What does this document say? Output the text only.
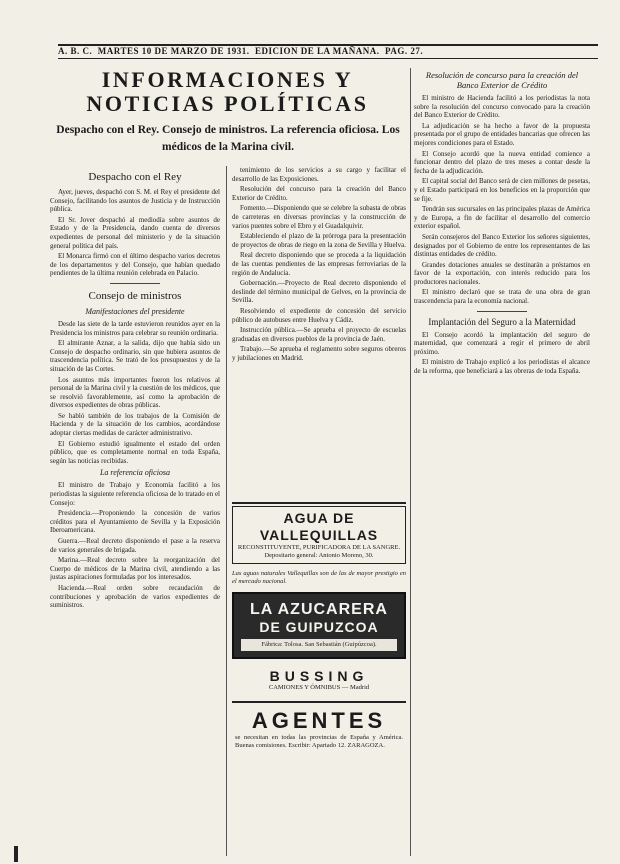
A. B. C. MARTES 10 DE MARZO DE 1931. EDICION DE LA MAÑANA. PAG. 27.
INFORMACIONES Y NOTICIAS POLÍTICAS
Despacho con el Rey. Consejo de ministros. La referencia oficiosa. Los médicos de la Marina civil.
Despacho con el Rey

Ayer, jueves, despachó con S. M. el Rey el presidente del Consejo, facilitando los asuntos de Justicia y de Instrucción pública.

El Sr. Jover despachó al mediodía sobre asuntos de Estado y de la Presidencia, dando cuenta de diversos expedientes de personal del ministerio y de la situación general política del país.

El Monarca firmó con el último despacho varios decretos de los departamentos y del Consejo, que habían quedado pendientes de la última reunión celebrada en Palacio.

Consejo de ministros
Manifestaciones del presidente

Desde las siete de la tarde estuvieron reunidos ayer en la Presidencia los ministros para celebrar su reunión ordinaria.

El almirante Aznar, a la salida, dijo que había sido un Consejo de despacho ordinario, sin que hubiera asuntos de trascendencia política. Se trató de los presupuestos y de la situación de las Cortes.

Los asuntos más importantes fueron los relativos al personal de la Marina civil y la cuestión de los médicos, que se resolvió favorablemente, así como la aprobación de diversos expedientes de obras públicas.

Se habló también de los trabajos de la Comisión de Hacienda y de la situación de los cambios, acordándose adoptar ciertas medidas de carácter administrativo.

El Gobierno estudió igualmente el estado del orden público, que es completamente normal en toda España, según las noticias recibidas.

La referencia oficiosa

El ministro de Trabajo y Economía facilitó a los periodistas la siguiente referencia oficiosa de lo tratado en el Consejo:

Presidencia.—Proponiendo la concesión de varios créditos para el Ayuntamiento de Sevilla y la Exposición Iberoamericana.

Guerra.—Real decreto disponiendo el pase a la reserva de varios generales de brigada.

Marina.—Real decreto sobre la reorganización del Cuerpo de médicos de la Marina civil, atendiendo a las justas aspiraciones formuladas por los interesados.

Hacienda.—Real orden sobre recaudación de contribuciones y aprobación de varios expedientes de suministros.

tenimiento de los servicios a su cargo y facilitar el desarrollo de las Exposiciones.

Resolución del concurso para la creación del Banco Exterior de Crédito.

Fomento.—Disponiendo que se celebre la subasta de obras de carreteras en diversas provincias y la construcción de varios puentes sobre el Ebro y el Guadalquivir.

Estableciendo el plazo de la prórroga para la presentación de proyectos de obras de riego en la zona de Sevilla y Huelva.

Real decreto disponiendo que se proceda a la liquidación de las cuentas pendientes de las empresas ferroviarias de la región de Andalucía.

Gobernación.—Proyecto de Real decreto disponiendo el deslinde del término municipal de Gelves, en la provincia de Sevilla.

Resolviendo el expediente de concesión del servicio público de autobuses entre Huelva y Cádiz.

Instrucción pública.—Se aprueba el proyecto de escuelas graduadas en diversos pueblos de la provincia de Jaén.

Trabajo.—Se aprueba el reglamento sobre seguros obreros y jubilaciones en Madrid.

AGUA DE VALLEQUILLAS
RECONSTITUYENTE, PURIFICADORA DE LA SANGRE. Depositario general: Antonio Moreno, 30.
Las aguas naturales Vallequillas son de las de mayor prestigio en el mercado nacional.
LA AZUCARERA
DE GUIPUZCOA
Fábrica: Tolosa. San Sebastián (Guipúzcoa).
BUSSING
CAMIONES Y ÓMNIBUS — Madrid
AGENTES
se necesitan en todas las provincias de España y América. Buenas comisiones. Escribir: Apartado 12. ZARAGOZA.
Resolución de concurso para la creación del Banco Exterior de Crédito

El ministro de Hacienda facilitó a los periodistas la nota sobre la resolución del concurso convocado para la creación del Banco Exterior de Crédito.

La adjudicación se ha hecho a favor de la propuesta presentada por el grupo de entidades bancarias que ofrecen las mejores condiciones para el Estado.

El Consejo acordó que la nueva entidad comience a funcionar dentro del plazo de tres meses a contar desde la fecha de la adjudicación.

El capital social del Banco será de cien millones de pesetas, y el Estado participará en los beneficios en la proporción que se fije.

Tendrán sus sucursales en las principales plazas de América y de Europa, a fin de facilitar el desarrollo del comercio exterior español.

Serán consejeros del Banco Exterior los señores siguientes, designados por el Gobierno de entre los representantes de las distintas entidades de crédito.

Grandes dotaciones anuales se destinarán a préstamos en favor de la exportación, con interés reducido para los productores nacionales.

El ministro declaró que se trata de una obra de gran trascendencia para la economía nacional.

Implantación del Seguro a la Maternidad

El Consejo acordó la implantación del seguro de maternidad, que comenzará a regir el primero de abril próximo.

El ministro de Trabajo explicó a los periodistas el alcance de la reforma, que beneficiará a las obreras de toda España.
